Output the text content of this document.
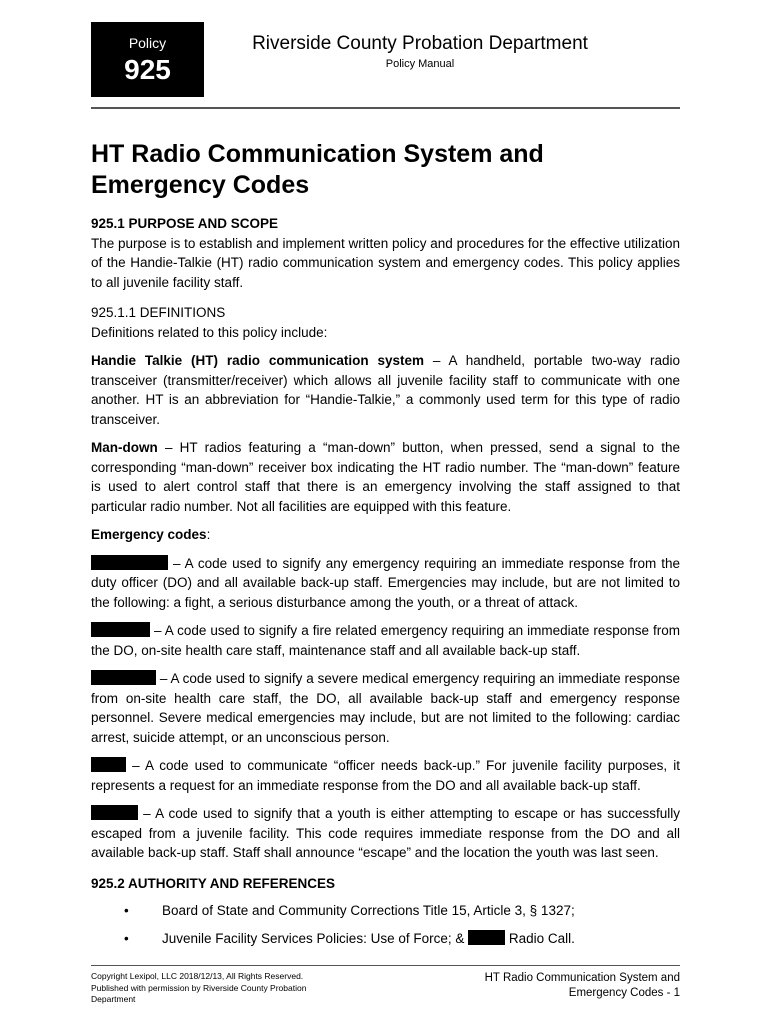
Policy
925
Riverside County Probation Department
Policy Manual
HT Radio Communication System and
Emergency Codes

925.1 PURPOSE AND SCOPE

The purpose is to establish and implement written policy and procedures for the effective utilization of the Handie-Talkie (HT) radio communication system and emergency codes. This policy applies to all juvenile facility staff.

925.1.1 DEFINITIONS

Definitions related to this policy include:

Handie Talkie (HT) radio communication system – A handheld, portable two-way radio transceiver (transmitter/receiver) which allows all juvenile facility staff to communicate with one another. HT is an abbreviation for “Handie-Talkie,” a commonly used term for this type of radio transceiver.

Man-down – HT radios featuring a “man-down” button, when pressed, send a signal to the corresponding “man-down” receiver box indicating the HT radio number. The “man-down” feature is used to alert control staff that there is an emergency involving the staff assigned to that particular radio number. Not all facilities are equipped with this feature.

Emergency codes:

– A code used to signify any emergency requiring an immediate response from the duty officer (DO) and all available back-up staff. Emergencies may include, but are not limited to the following: a fight, a serious disturbance among the youth, or a threat of attack.

– A code used to signify a fire related emergency requiring an immediate response from the DO, on-site health care staff, maintenance staff and all available back-up staff.

– A code used to signify a severe medical emergency requiring an immediate response from on-site health care staff, the DO, all available back-up staff and emergency response personnel. Severe medical emergencies may include, but are not limited to the following: cardiac arrest, suicide attempt, or an unconscious person.

– A code used to communicate “officer needs back-up.” For juvenile facility purposes, it represents a request for an immediate response from the DO and all available back-up staff.

– A code used to signify that a youth is either attempting to escape or has successfully escaped from a juvenile facility. This code requires immediate response from the DO and all available back-up staff. Staff shall announce “escape” and the location the youth was last seen.

925.2 AUTHORITY AND REFERENCES

• Board of State and Community Corrections Title 15, Article 3, § 1327;
• Juvenile Facility Services Policies: Use of Force; &	Radio Call.
Copyright Lexipol, LLC 2018/12/13, All Rights Reserved.
Published with permission by Riverside County Probation
Department
HT Radio Communication System and
Emergency Codes - 1
